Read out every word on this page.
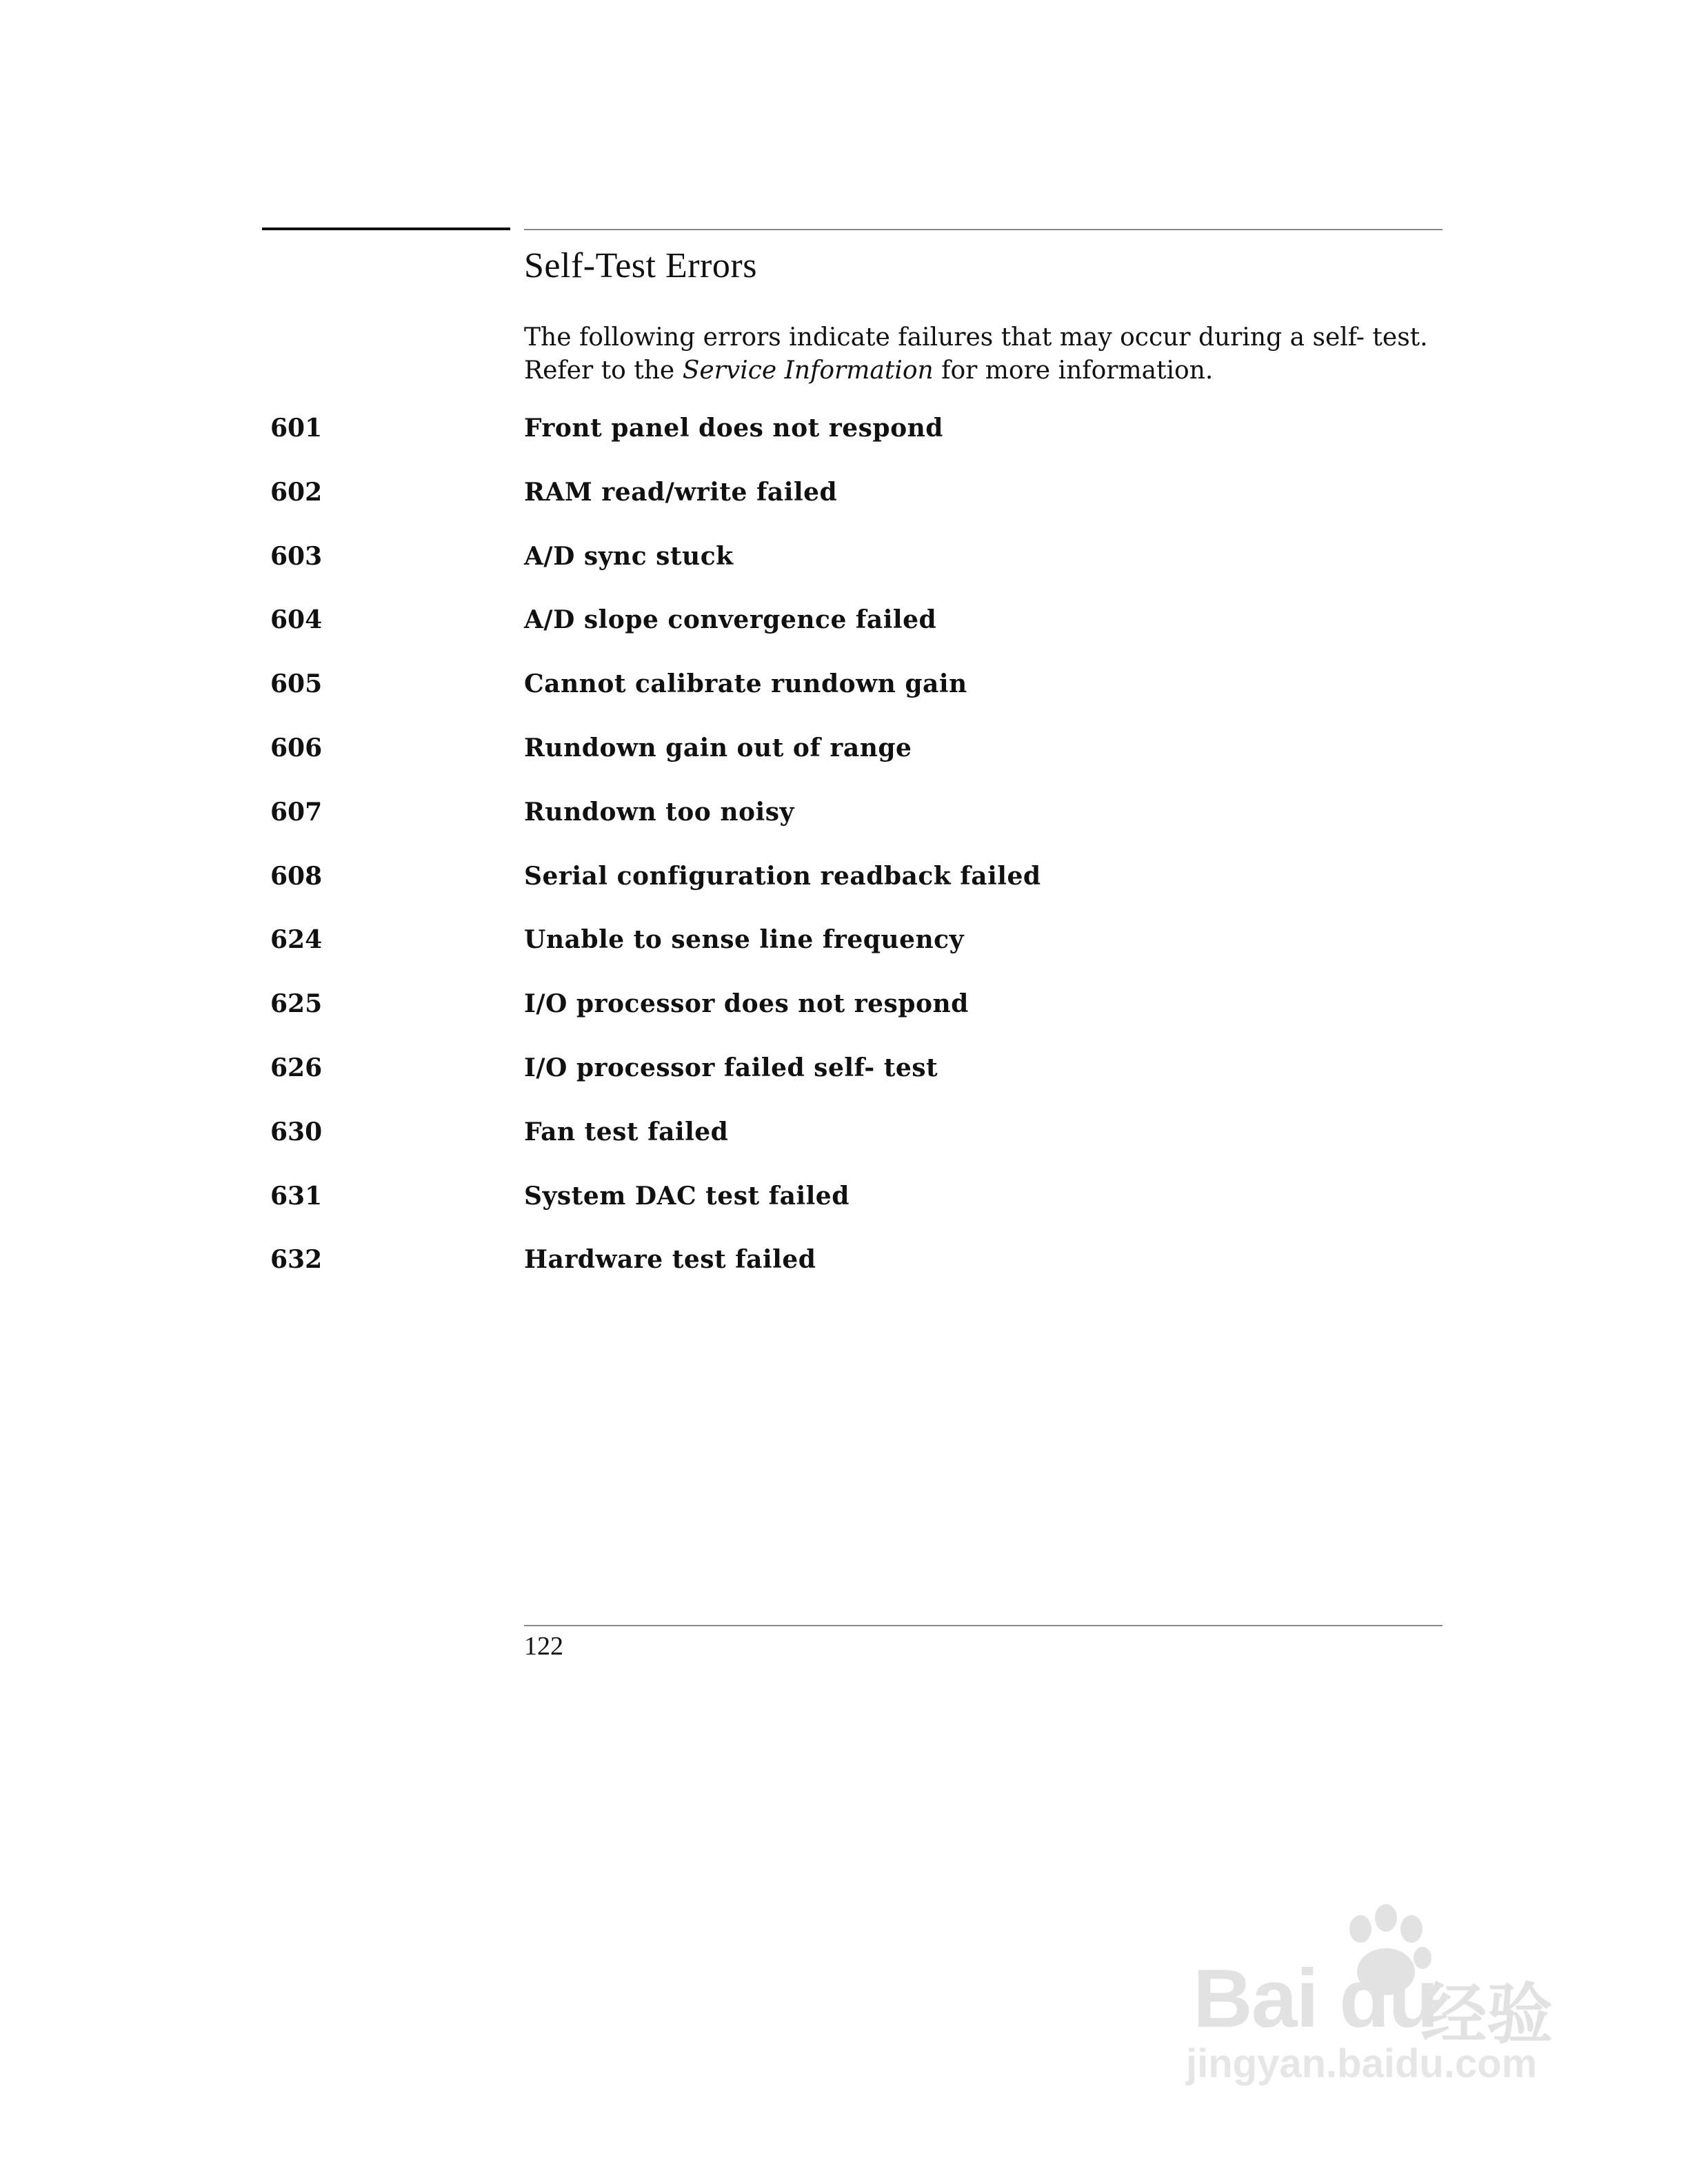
Self-Test Errors

The following errors indicate failures that may occur during a self- test. Refer to the Service Information for more information.

601	Front panel does not respond
602	RAM read/write failed
603	A/D sync stuck
604	A/D slope convergence failed
605	Cannot calibrate rundown gain
606	Rundown gain out of range
607	Rundown too noisy
608	Serial configuration readback failed
624	Unable to sense line frequency
625	I/O processor does not respond
626	I/O processor failed self- test
630	Fan test failed
631	System DAC test failed
632	Hardware test failed
122
Bai du
经验
jingyan.baidu.com
